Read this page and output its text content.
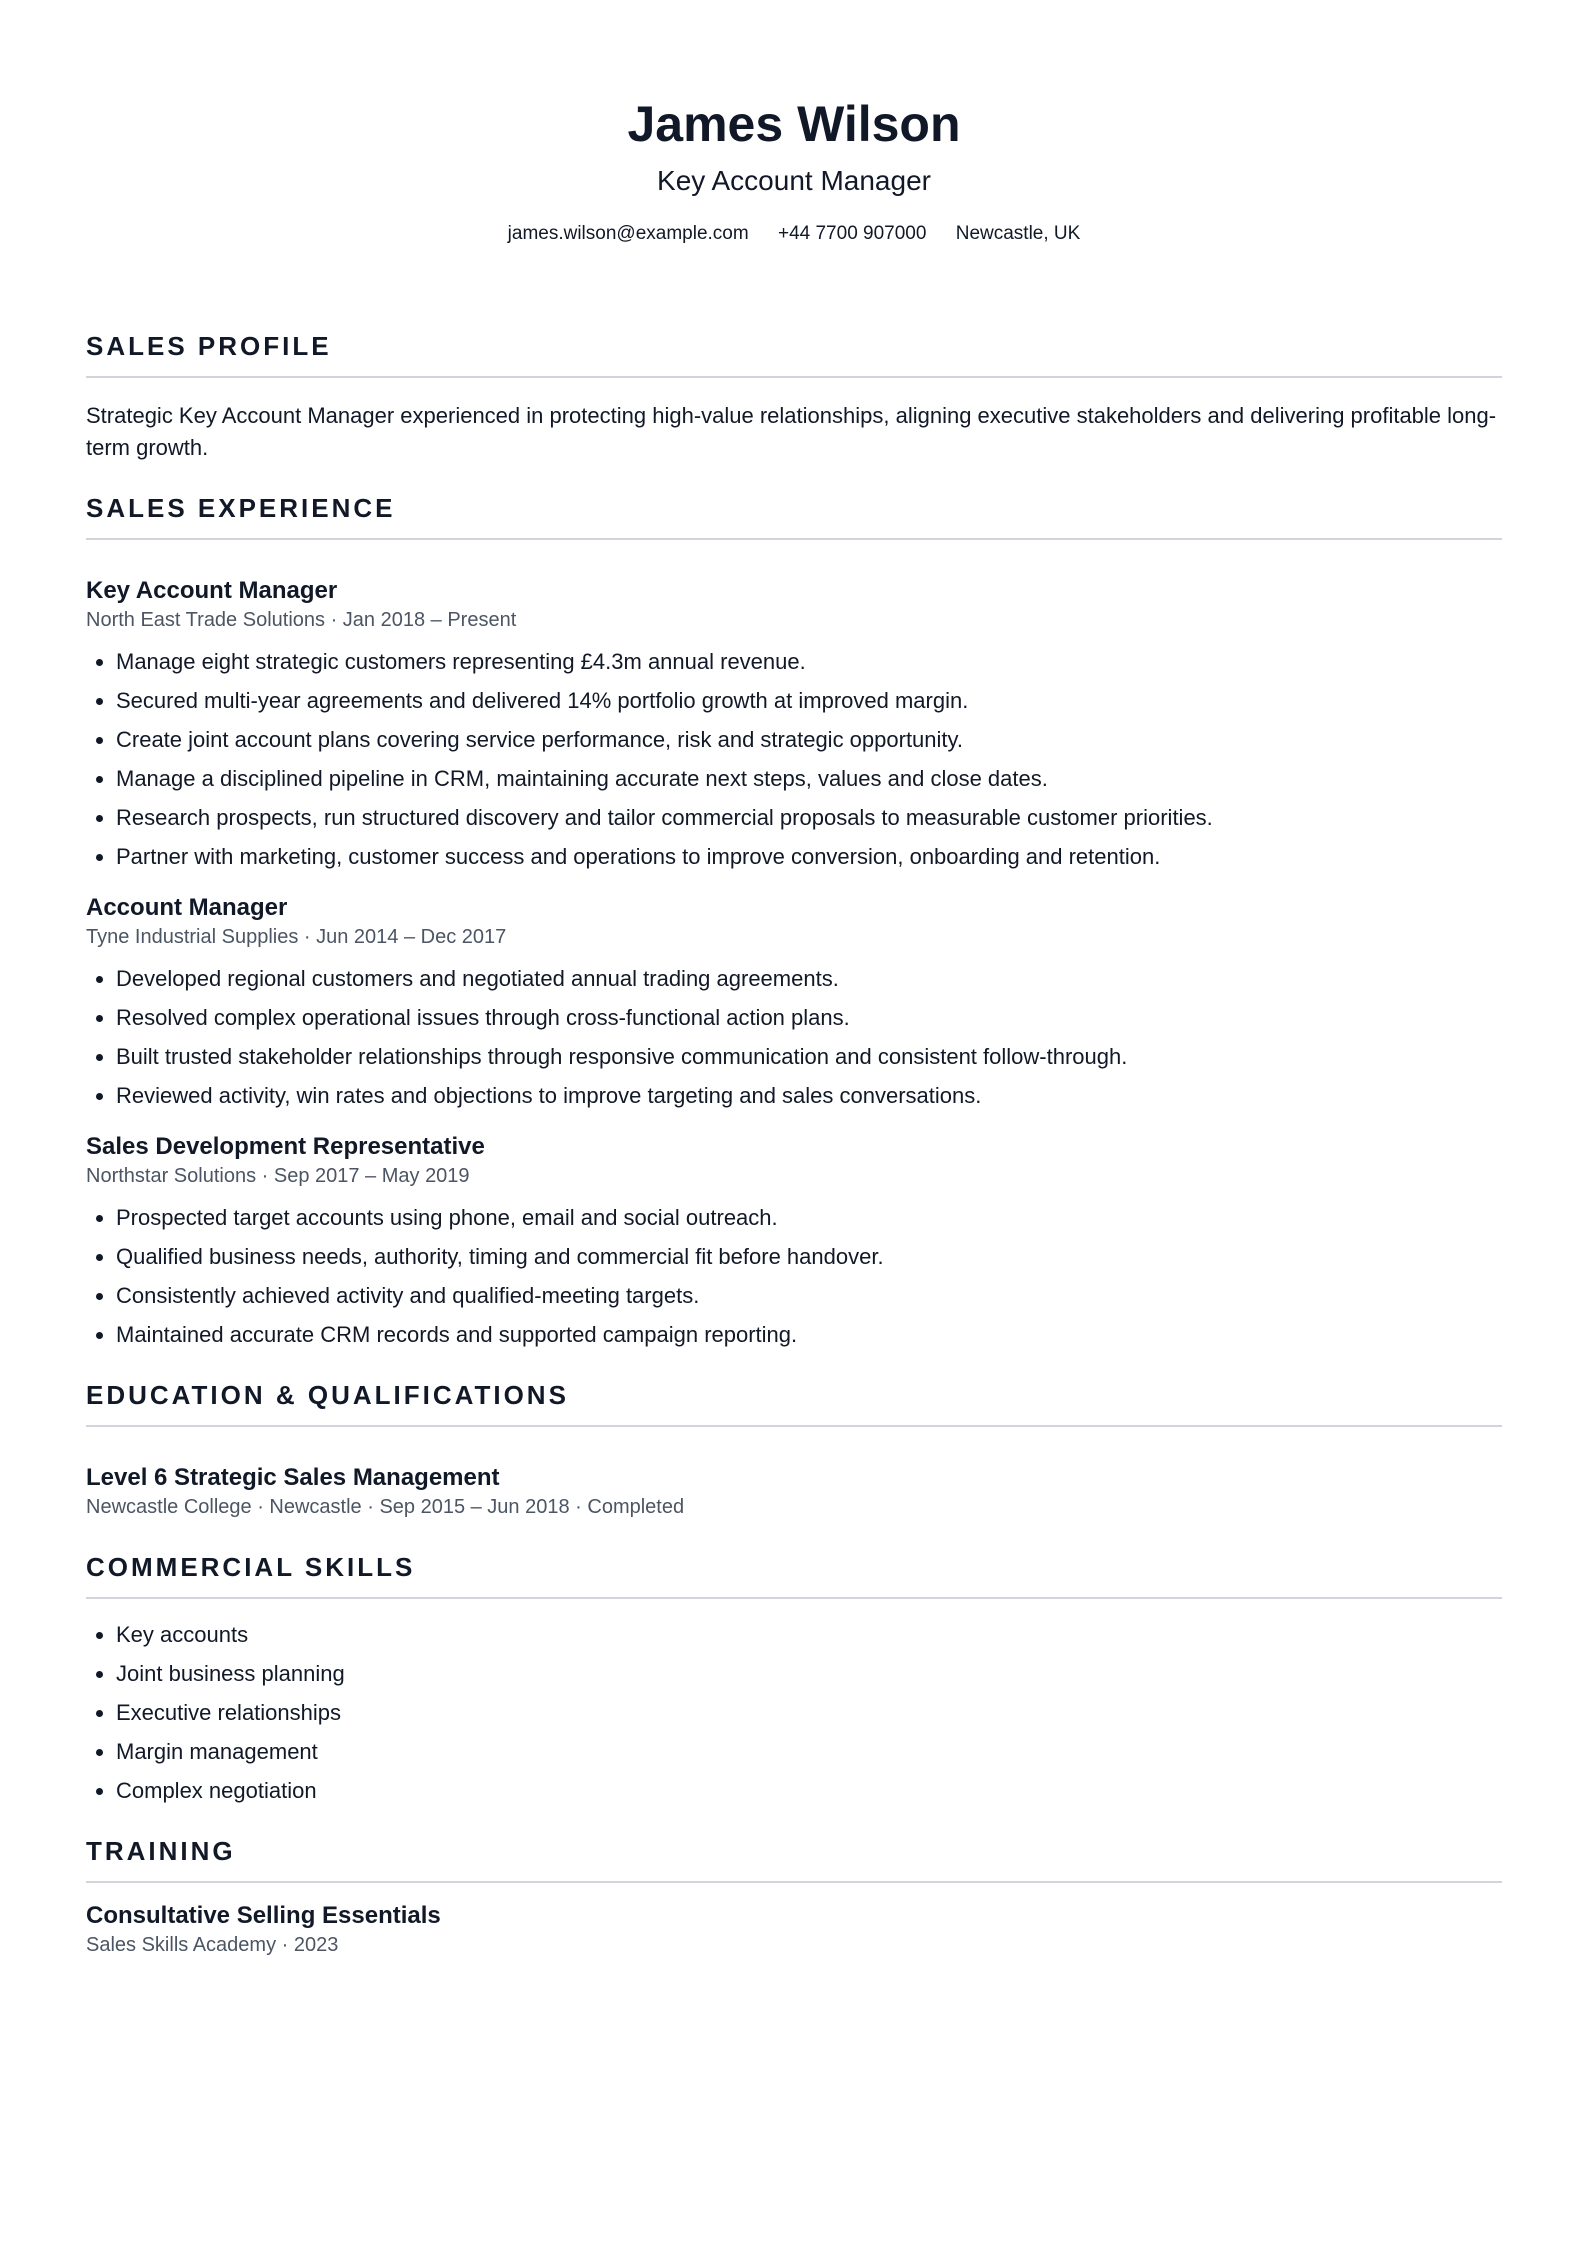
James Wilson
Key Account Manager
james.wilson@example.com +44 7700 907000 Newcastle, UK
SALES PROFILE

Strategic Key Account Manager experienced in protecting high-value relationships, aligning executive stakeholders and delivering profitable long-term growth.

SALES EXPERIENCE
Key Account Manager
North East Trade Solutions · Jan 2018 – Present
• Manage eight strategic customers representing £4.3m annual revenue.
• Secured multi-year agreements and delivered 14% portfolio growth at improved margin.
• Create joint account plans covering service performance, risk and strategic opportunity.
• Manage a disciplined pipeline in CRM, maintaining accurate next steps, values and close dates.
• Research prospects, run structured discovery and tailor commercial proposals to measurable customer priorities.
• Partner with marketing, customer success and operations to improve conversion, onboarding and retention.
Account Manager
Tyne Industrial Supplies · Jun 2014 – Dec 2017
• Developed regional customers and negotiated annual trading agreements.
• Resolved complex operational issues through cross-functional action plans.
• Built trusted stakeholder relationships through responsive communication and consistent follow-through.
• Reviewed activity, win rates and objections to improve targeting and sales conversations.
Sales Development Representative
Northstar Solutions · Sep 2017 – May 2019
• Prospected target accounts using phone, email and social outreach.
• Qualified business needs, authority, timing and commercial fit before handover.
• Consistently achieved activity and qualified-meeting targets.
• Maintained accurate CRM records and supported campaign reporting.
EDUCATION & QUALIFICATIONS
Level 6 Strategic Sales Management
Newcastle College · Newcastle · Sep 2015 – Jun 2018 · Completed
COMMERCIAL SKILLS
• Key accounts
• Joint business planning
• Executive relationships
• Margin management
• Complex negotiation
TRAINING
Consultative Selling Essentials
Sales Skills Academy · 2023
